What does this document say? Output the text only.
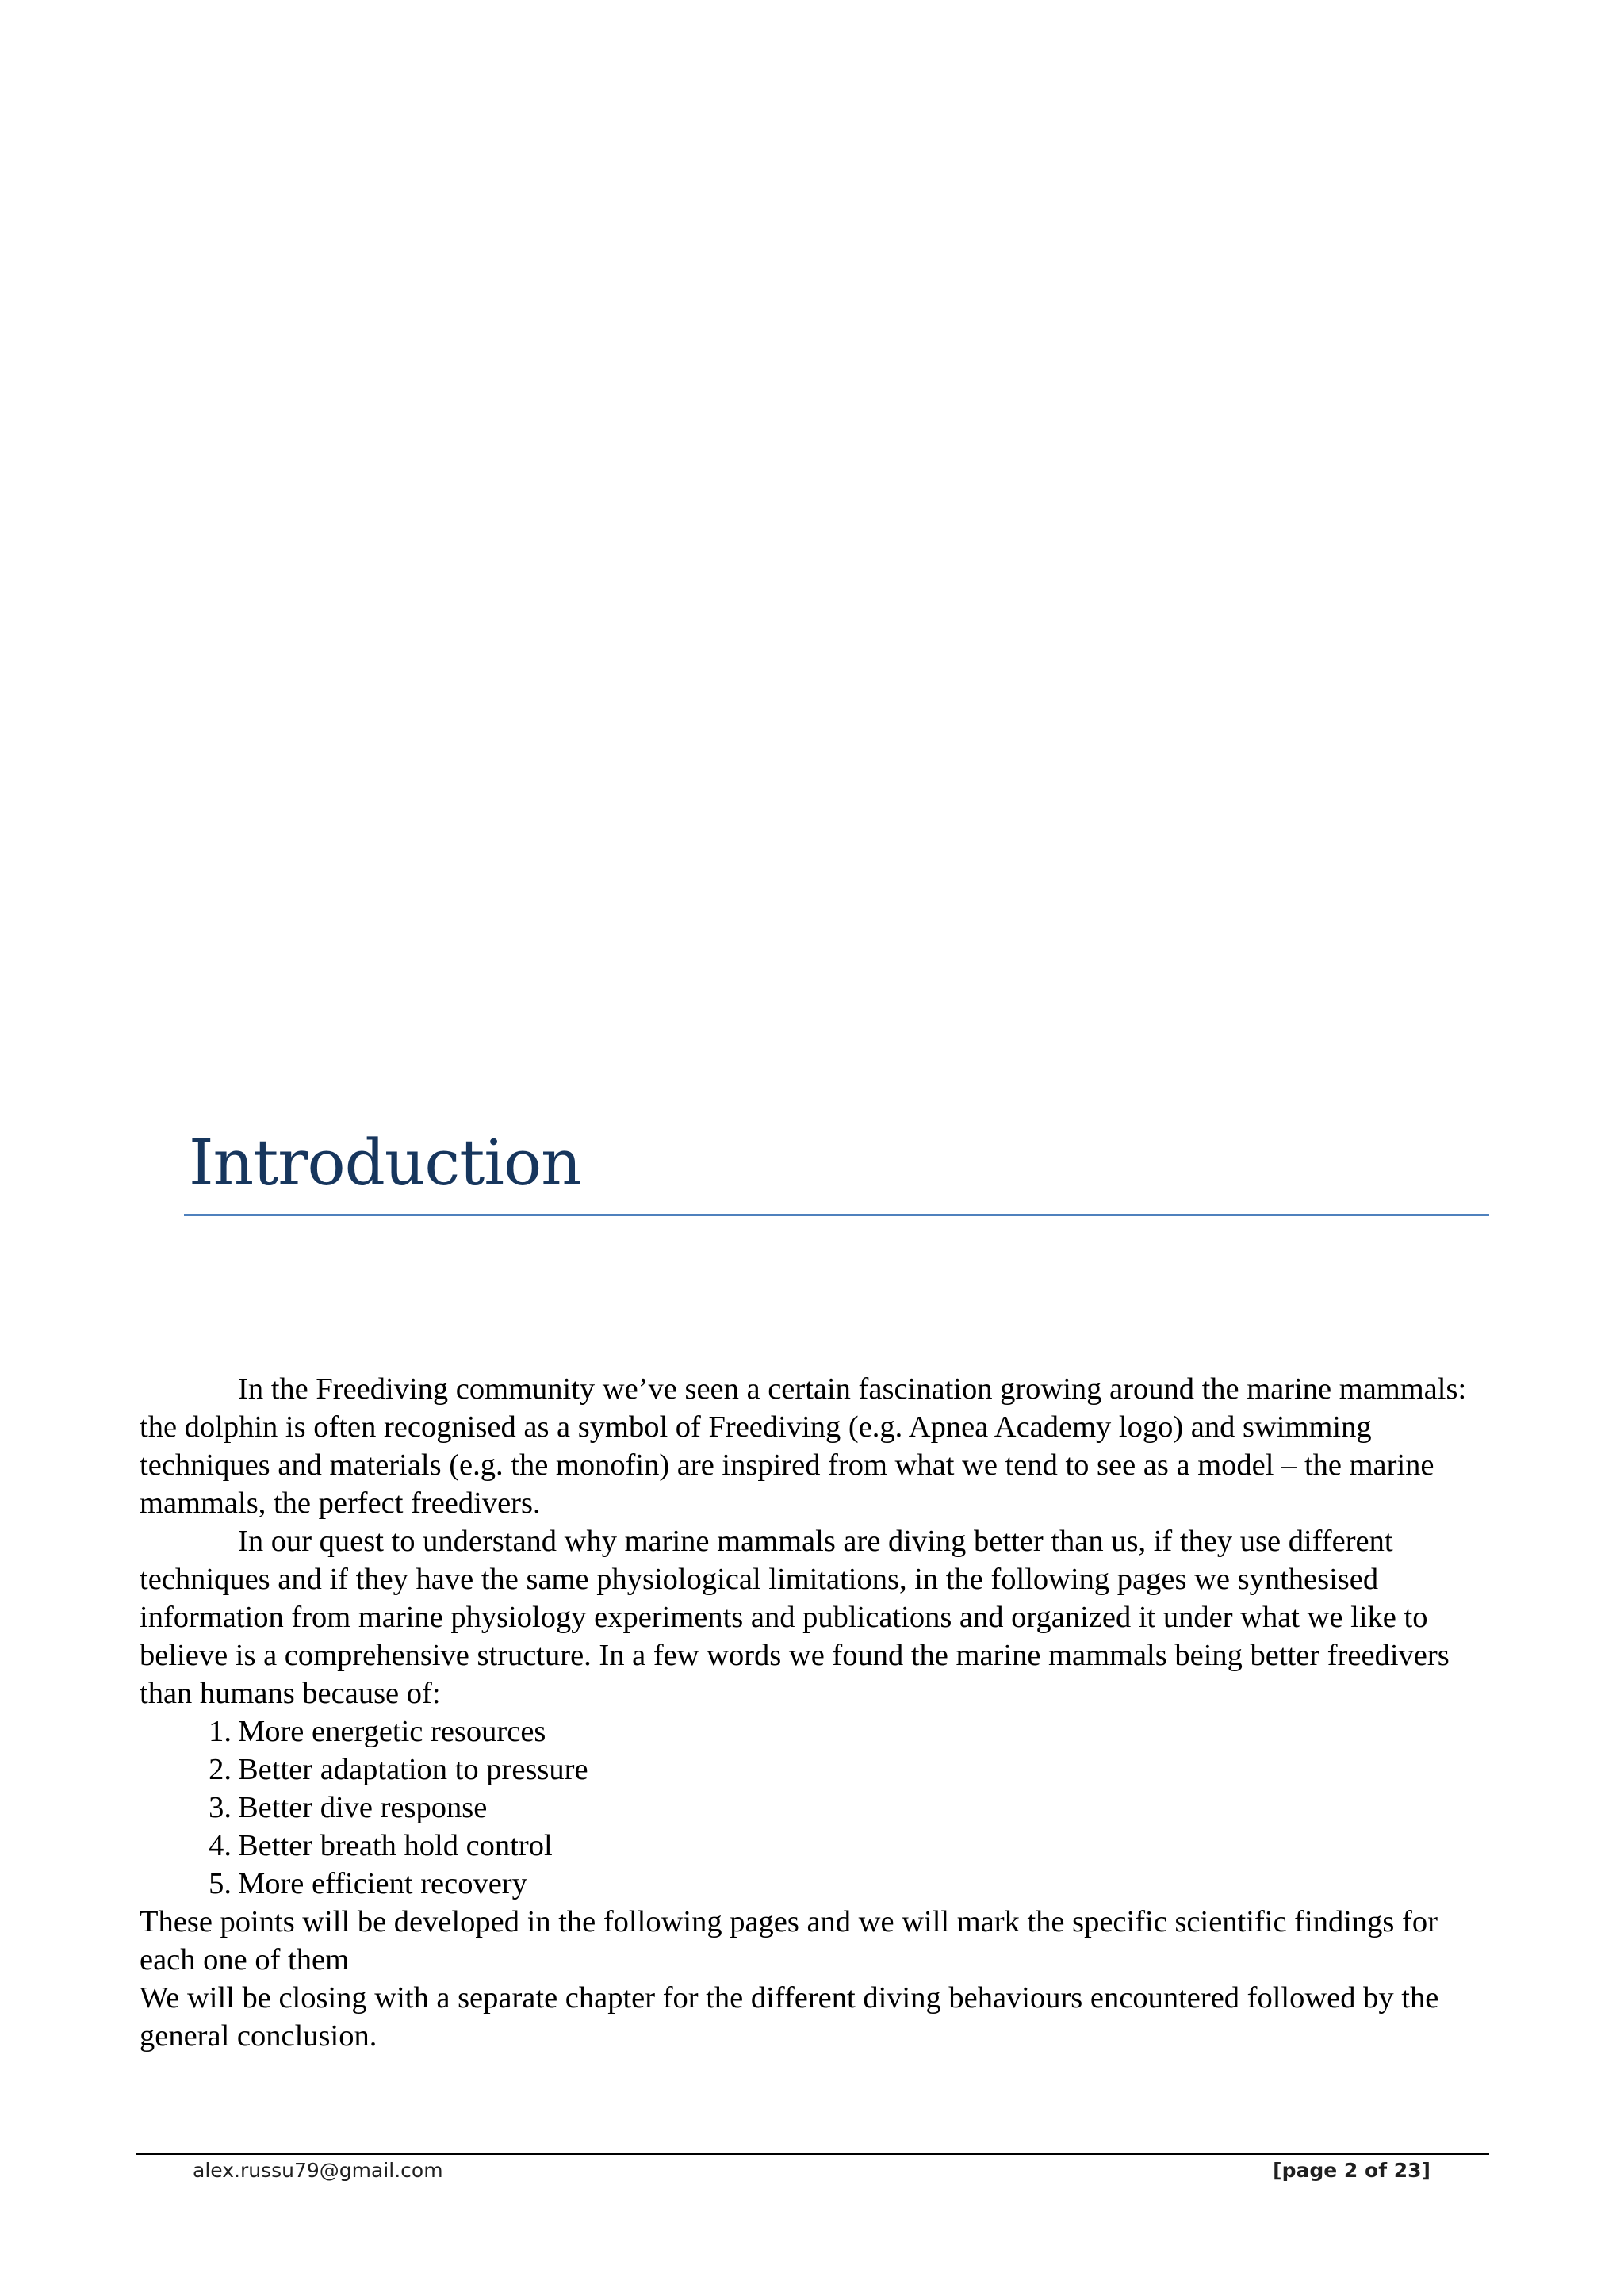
Introduction

In the Freediving community we’ve seen a certain fascination growing around the marine mammals: the dolphin is often recognised as a symbol of Freediving (e.g. Apnea Academy logo) and swimming techniques and materials (e.g. the monofin) are inspired from what we tend to see as a model – the marine mammals, the perfect freedivers.

In our quest to understand why marine mammals are diving better than us, if they use different techniques and if they have the same physiological limitations, in the following pages we synthesised information from marine physiology experiments and publications and organized it under what we like to believe is a comprehensive structure. In a few words we found the marine mammals being better freedivers than humans because of:

1. More energetic resources
2. Better adaptation to pressure
3. Better dive response
4. Better breath hold control
5. More efficient recovery

These points will be developed in the following pages and we will mark the specific scientific findings for each one of them

We will be closing with a separate chapter for the different diving behaviours encountered followed by the general conclusion.

alex.russu79@gmail.com	[page 2 of 23]
